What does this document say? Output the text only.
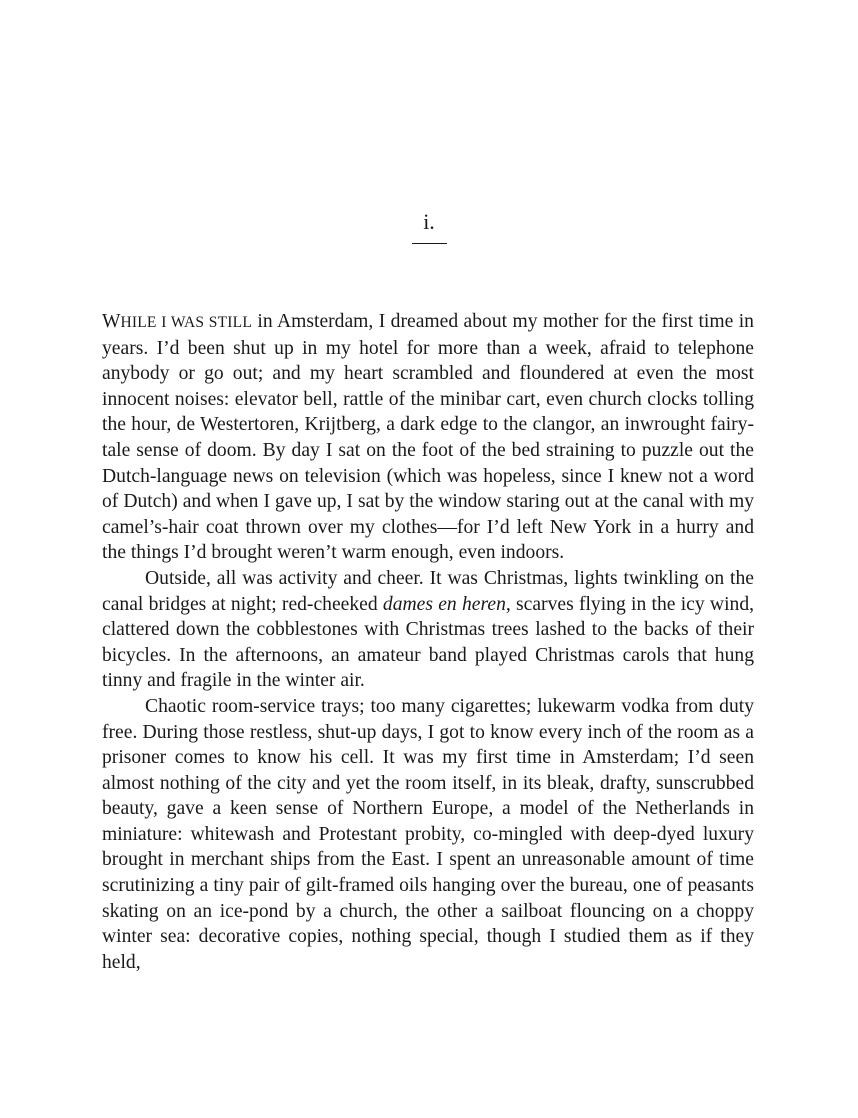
i.

WHILE I WAS STILL in Amsterdam, I dreamed about my mother for the first time in years. I’d been shut up in my hotel for more than a week, afraid to telephone anybody or go out; and my heart scrambled and floundered at even the most innocent noises: elevator bell, rattle of the minibar cart, even church clocks tolling the hour, de Westertoren, Krijtberg, a dark edge to the clangor, an inwrought fairy-tale sense of doom. By day I sat on the foot of the bed straining to puzzle out the Dutch-language news on television (which was hopeless, since I knew not a word of Dutch) and when I gave up, I sat by the window staring out at the canal with my camel’s-hair coat thrown over my clothes—for I’d left New York in a hurry and the things I’d brought weren’t warm enough, even indoors.

Outside, all was activity and cheer. It was Christmas, lights twinkling on the canal bridges at night; red-cheeked dames en heren, scarves flying in the icy wind, clattered down the cobblestones with Christmas trees lashed to the backs of their bicycles. In the afternoons, an amateur band played Christmas carols that hung tinny and fragile in the winter air.

Chaotic room-service trays; too many cigarettes; lukewarm vodka from duty free. During those restless, shut-up days, I got to know every inch of the room as a prisoner comes to know his cell. It was my first time in Amsterdam; I’d seen almost nothing of the city and yet the room itself, in its bleak, drafty, sunscrubbed beauty, gave a keen sense of Northern Europe, a model of the Netherlands in miniature: whitewash and Protestant probity, co-mingled with deep-dyed luxury brought in merchant ships from the East. I spent an unreasonable amount of time scrutinizing a tiny pair of gilt-framed oils hanging over the bureau, one of peasants skating on an ice-pond by a church, the other a sailboat flouncing on a choppy winter sea: decorative copies, nothing special, though I studied them as if they held,
